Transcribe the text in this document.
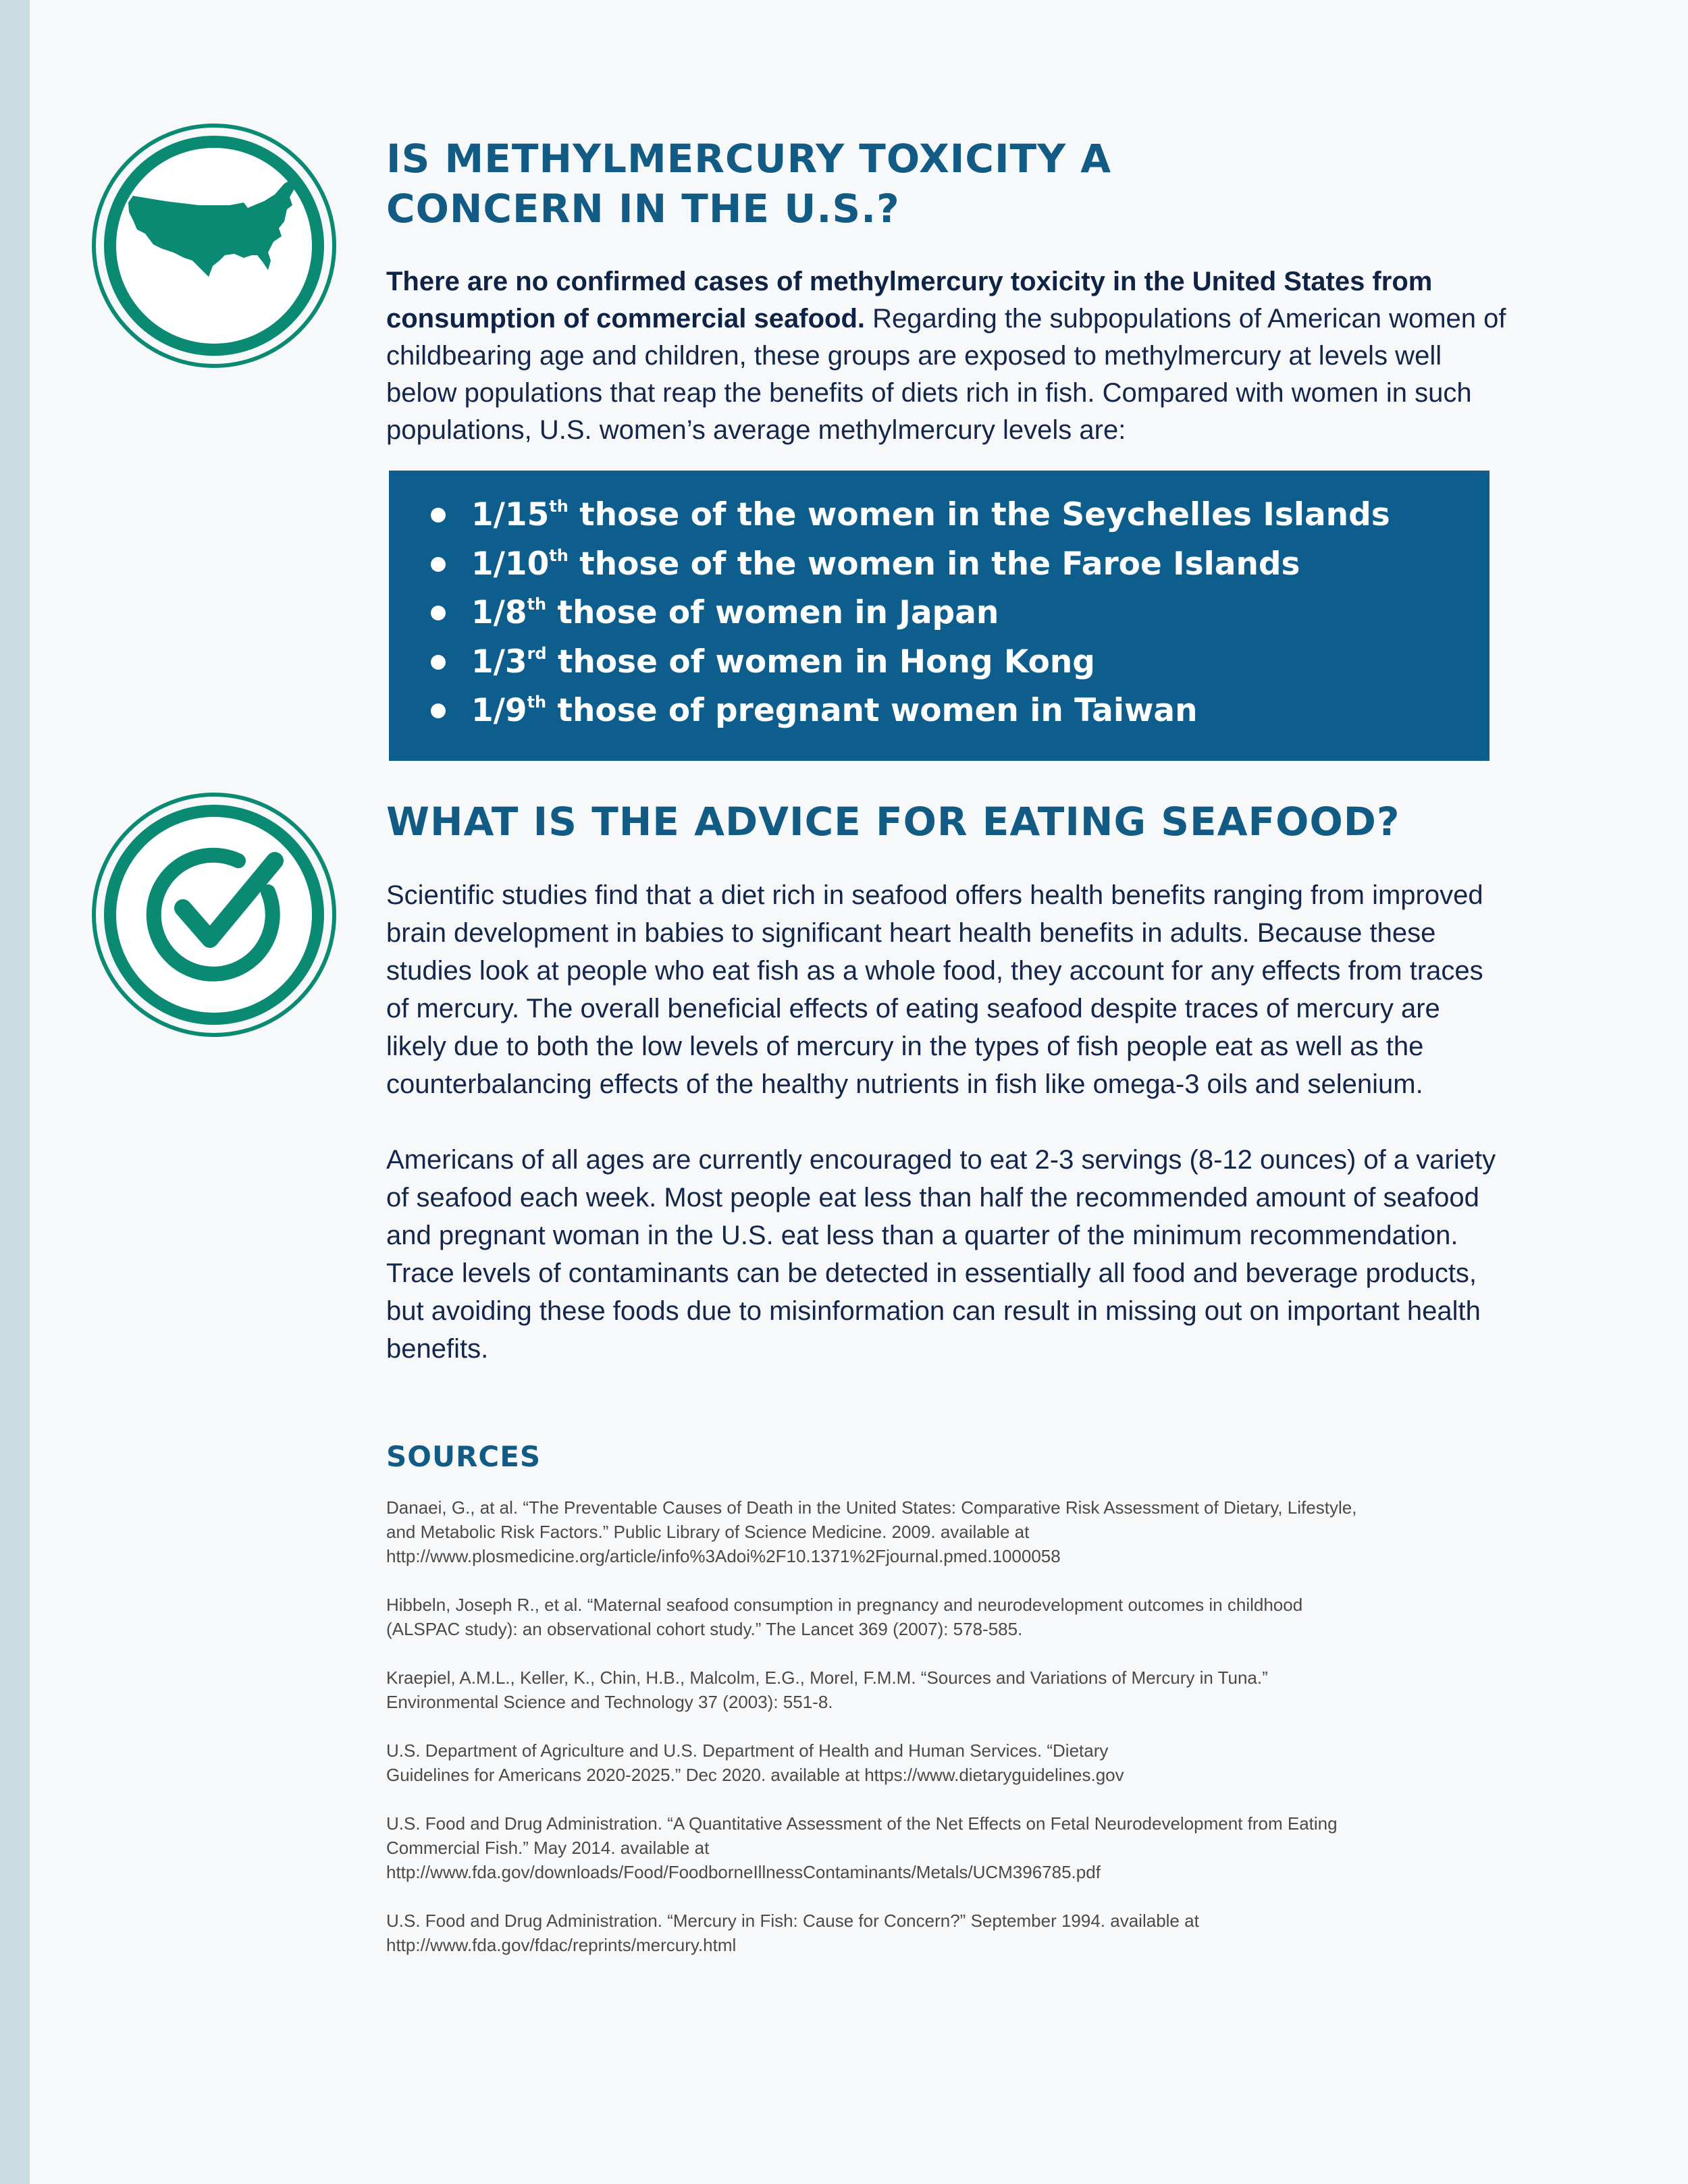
IS METHYLMERCURY TOXICITY A
CONCERN IN THE U.S.?

There are no confirmed cases of methylmercury toxicity in the United States from consumption of commercial seafood. Regarding the subpopulations of American women of childbearing age and children, these groups are exposed to methylmercury at levels well below populations that reap the benefits of diets rich in fish. Compared with women in such populations, U.S. women’s average methylmercury levels are:

1/15th those of the women in the Seychelles Islands
1/10th those of the women in the Faroe Islands
1/8th those of women in Japan
1/3rd those of women in Hong Kong
1/9th those of pregnant women in Taiwan
WHAT IS THE ADVICE FOR EATING SEAFOOD?

Scientific studies find that a diet rich in seafood offers health benefits ranging from improved brain development in babies to significant heart health benefits in adults. Because these studies look at people who eat fish as a whole food, they account for any effects from traces of mercury. The overall beneficial effects of eating seafood despite traces of mercury are likely due to both the low levels of mercury in the types of fish people eat as well as the counterbalancing effects of the healthy nutrients in fish like omega-3 oils and selenium.

Americans of all ages are currently encouraged to eat 2-3 servings (8-12 ounces) of a variety of seafood each week. Most people eat less than half the recommended amount of seafood and pregnant woman in the U.S. eat less than a quarter of the minimum recommendation. Trace levels of contaminants can be detected in essentially all food and beverage products, but avoiding these foods due to misinformation can result in missing out on important health benefits.

SOURCES

Danaei, G., at al. “The Preventable Causes of Death in the United States: Comparative Risk Assessment of Dietary, Lifestyle,
and Metabolic Risk Factors.” Public Library of Science Medicine. 2009. available at
http://www.plosmedicine.org/article/info%3Adoi%2F10.1371%2Fjournal.pmed.1000058

Hibbeln, Joseph R., et al. “Maternal seafood consumption in pregnancy and neurodevelopment outcomes in childhood
(ALSPAC study): an observational cohort study.” The Lancet 369 (2007): 578-585.

Kraepiel, A.M.L., Keller, K., Chin, H.B., Malcolm, E.G., Morel, F.M.M. “Sources and Variations of Mercury in Tuna.”
Environmental Science and Technology 37 (2003): 551-8.

U.S. Department of Agriculture and U.S. Department of Health and Human Services. “Dietary
Guidelines for Americans 2020-2025.” Dec 2020. available at https://www.dietaryguidelines.gov

U.S. Food and Drug Administration. “A Quantitative Assessment of the Net Effects on Fetal Neurodevelopment from Eating
Commercial Fish.” May 2014. available at
http://www.fda.gov/downloads/Food/FoodborneIllnessContaminants/Metals/UCM396785.pdf

U.S. Food and Drug Administration. “Mercury in Fish: Cause for Concern?” September 1994. available at
http://www.fda.gov/fdac/reprints/mercury.html
